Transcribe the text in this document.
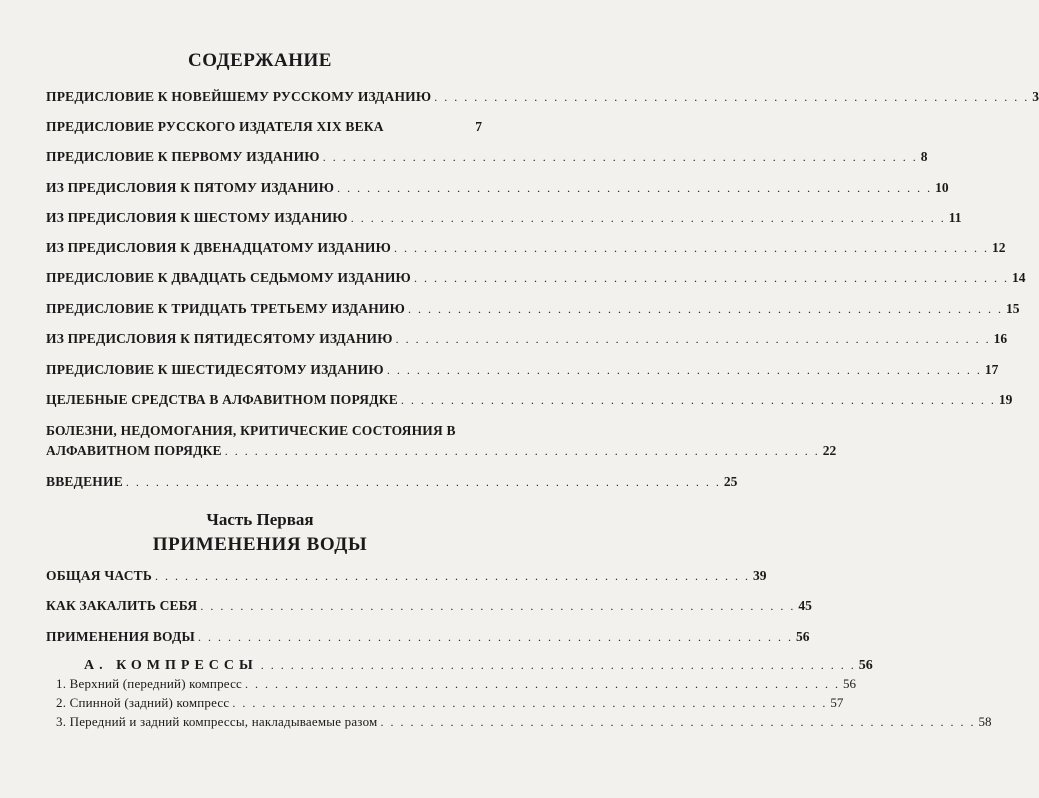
СОДЕРЖАНИЕ
ПРЕДИСЛОВИЕ К НОВЕЙШЕМУ РУССКОМУ ИЗДАНИЮ . . . . . . . . . . . . . . . . . . . . . . . . . . . . . . . . . . . . . . . . . . . . . . . . . . . . . . . . . . . . 3
ПРЕДИСЛОВИЕ РУССКОГО ИЗДАТЕЛЯ XIX ВЕКА	7
ПРЕДИСЛОВИЕ К ПЕРВОМУ ИЗДАНИЮ . . . . . . . . . . . . . . . . . . . . . . . . . . . . . . . . . . . . . . . . . . . . . . . . . . . . . . . . . . . . 8
ИЗ ПРЕДИСЛОВИЯ К ПЯТОМУ ИЗДАНИЮ . . . . . . . . . . . . . . . . . . . . . . . . . . . . . . . . . . . . . . . . . . . . . . . . . . . . . . . . . . . . 10
ИЗ ПРЕДИСЛОВИЯ К ШЕСТОМУ ИЗДАНИЮ . . . . . . . . . . . . . . . . . . . . . . . . . . . . . . . . . . . . . . . . . . . . . . . . . . . . . . . . . . . . 11
ИЗ ПРЕДИСЛОВИЯ К ДВЕНАДЦАТОМУ ИЗДАНИЮ . . . . . . . . . . . . . . . . . . . . . . . . . . . . . . . . . . . . . . . . . . . . . . . . . . . . . . . . . . . . 12
ПРЕДИСЛОВИЕ К ДВАДЦАТЬ СЕДЬМОМУ ИЗДАНИЮ . . . . . . . . . . . . . . . . . . . . . . . . . . . . . . . . . . . . . . . . . . . . . . . . . . . . . . . . . . . . 14
ПРЕДИСЛОВИЕ К ТРИДЦАТЬ ТРЕТЬЕМУ ИЗДАНИЮ . . . . . . . . . . . . . . . . . . . . . . . . . . . . . . . . . . . . . . . . . . . . . . . . . . . . . . . . . . . . 15
ИЗ ПРЕДИСЛОВИЯ К ПЯТИДЕСЯТОМУ ИЗДАНИЮ . . . . . . . . . . . . . . . . . . . . . . . . . . . . . . . . . . . . . . . . . . . . . . . . . . . . . . . . . . . . 16
ПРЕДИСЛОВИЕ К ШЕСТИДЕСЯТОМУ ИЗДАНИЮ . . . . . . . . . . . . . . . . . . . . . . . . . . . . . . . . . . . . . . . . . . . . . . . . . . . . . . . . . . . . 17
ЦЕЛЕБНЫЕ СРЕДСТВА В АЛФАВИТНОМ ПОРЯДКЕ . . . . . . . . . . . . . . . . . . . . . . . . . . . . . . . . . . . . . . . . . . . . . . . . . . . . . . . . . . . . 19
БОЛЕЗНИ, НЕДОМОГАНИЯ, КРИТИЧЕСКИЕ СОСТОЯНИЯ В
АЛФАВИТНОМ ПОРЯДКЕ . . . . . . . . . . . . . . . . . . . . . . . . . . . . . . . . . . . . . . . . . . . . . . . . . . . . . . . . . . . . 22
ВВЕДЕНИЕ . . . . . . . . . . . . . . . . . . . . . . . . . . . . . . . . . . . . . . . . . . . . . . . . . . . . . . . . . . . . 25
Часть Первая
ПРИМЕНЕНИЯ ВОДЫ
ОБЩАЯ ЧАСТЬ . . . . . . . . . . . . . . . . . . . . . . . . . . . . . . . . . . . . . . . . . . . . . . . . . . . . . . . . . . . . 39
КАК ЗАКАЛИТЬ СЕБЯ . . . . . . . . . . . . . . . . . . . . . . . . . . . . . . . . . . . . . . . . . . . . . . . . . . . . . . . . . . . . 45
ПРИМЕНЕНИЯ ВОДЫ . . . . . . . . . . . . . . . . . . . . . . . . . . . . . . . . . . . . . . . . . . . . . . . . . . . . . . . . . . . . 56
А. КОМПРЕССЫ . . . . . . . . . . . . . . . . . . . . . . . . . . . . . . . . . . . . . . . . . . . . . . . . . . . . . . . . . . . . 56
1. Верхний (передний) компресс . . . . . . . . . . . . . . . . . . . . . . . . . . . . . . . . . . . . . . . . . . . . . . . . . . . . . . . . . . . . 56
2. Спинной (задний) компресс . . . . . . . . . . . . . . . . . . . . . . . . . . . . . . . . . . . . . . . . . . . . . . . . . . . . . . . . . . . . 57
3. Передний и задний компрессы, накладываемые разом . . . . . . . . . . . . . . . . . . . . . . . . . . . . . . . . . . . . . . . . . . . . . . . . . . . . . . . . . . . . 58
